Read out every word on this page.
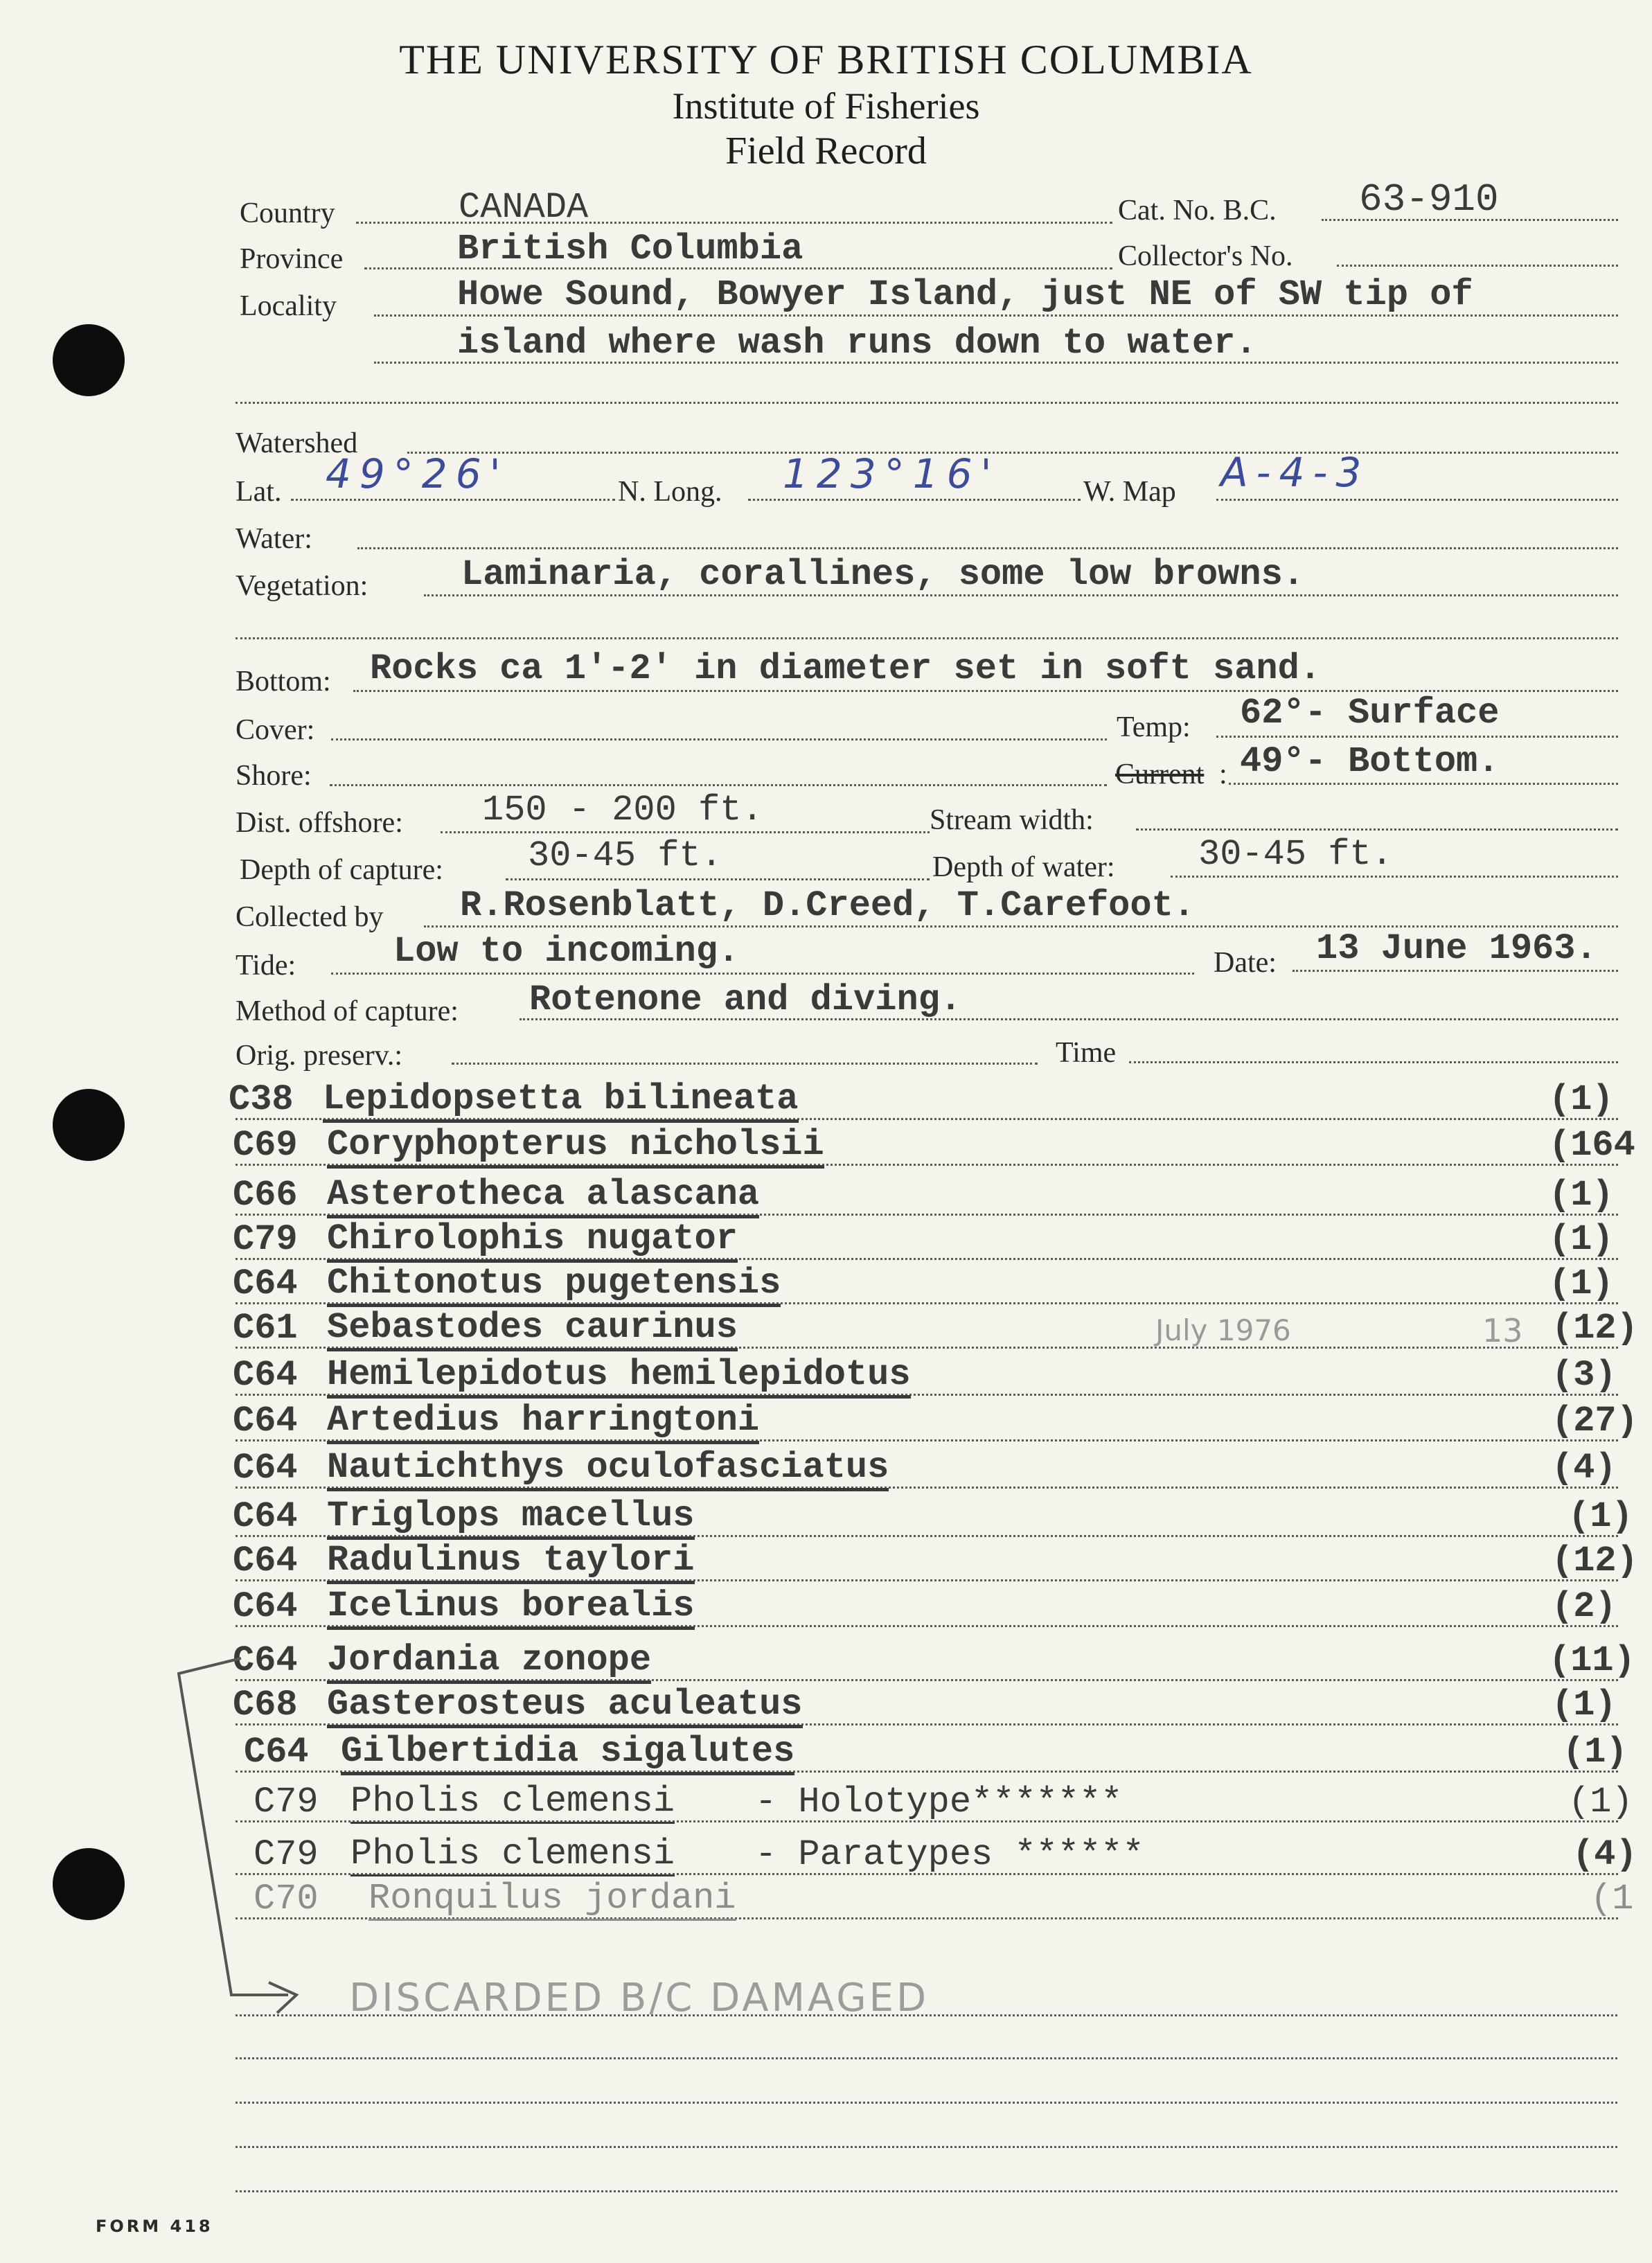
THE UNIVERSITY OF BRITISH COLUMBIA
Institute of Fisheries
Field Record
Country	CANADA	Cat. No. B.C. 63-910
Province	British Columbia	Collector's No.
Locality	Howe Sound, Bowyer Island, just NE of SW tip of
island where wash runs down to water.
Watershed
Lat. 49°26'	N. Long. 123°16'	W. Map A-4-3
Water:
Vegetation:	Laminaria, corallines, some low browns.
Bottom: Rocks ca 1'-2' in diameter set in soft sand.
Cover:	Temp: 62°- Surface
Shore:	Current : 49°- Bottom.
Dist. offshore: 150 - 200 ft.	Stream width:
Depth of capture: 30-45 ft.	Depth of water: 30-45 ft.
Collected by R.Rosenblatt, D.Creed, T.Carefoot.
Tide:	Low to incoming.	Date: 13 June 1963.
Method of capture: Rotenone and diving.
Orig. preserv.:	Time
C38 Lepidopsetta bilineata	(1)
C69 Coryphopterus nicholsii	(164
C66 Asterotheca alascana	(1)
C79 Chirolophis nugator	(1)
C64 Chitonotus pugetensis	(1)
C61 Sebastodes caurinus	July 1976	13 (12)
C64 Hemilepidotus hemilepidotus	(3)
C64 Artedius harringtoni	(27)
C64 Nautichthys oculofasciatus	(4)
C64 Triglops macellus	(1)
C64 Radulinus taylori	(12)
C64 Icelinus borealis	(2)
C64 Jordania zonope	(11)
C68 Gasterosteus aculeatus	(1)
C64 Gilbertidia sigalutes	(1)
C79 Pholis clemensi - Holotype*******	(1)
C79 Pholis clemensi - Paratypes ******	(4)
C70 Ronquilus jordani	(1
DISCARDED B/C DAMAGED
FORM 418
